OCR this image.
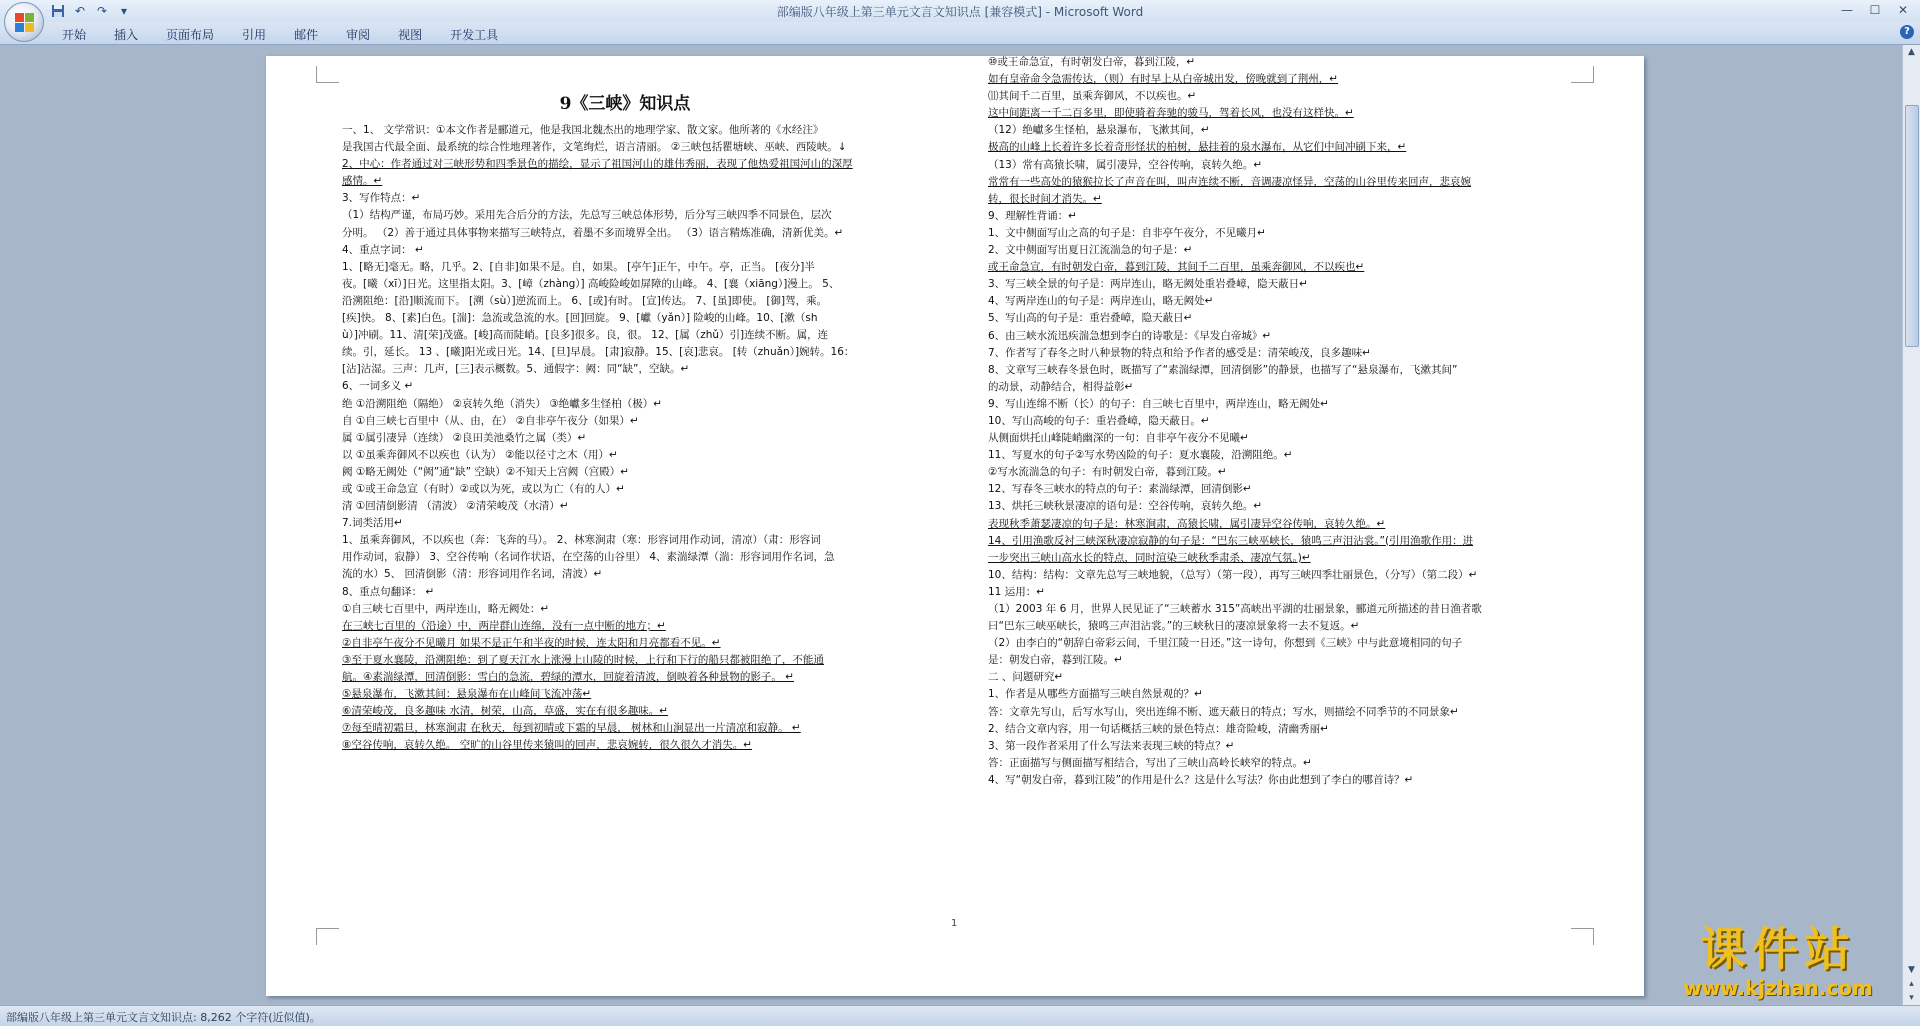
部编版八年级上第三单元文言文知识点 [兼容模式] - Microsoft Word	—	☐	✕
↶ ↷	▾
开始	插入	页面布局	引用	邮件	审阅	视图	开发工具	?
9《三峡》知识点
一、1、 文学常识：①本文作者是郦道元，他是我国北魏杰出的地理学家、散文家。他所著的《水经注》
是我国古代最全面、最系统的综合性地理著作，文笔绚烂，语言清丽。 ②三峡包括瞿塘峡、巫峡、西陵峡。↓
2、中心：作者通过对三峡形势和四季景色的描绘，显示了祖国河山的雄伟秀丽，表现了他热爱祖国河山的深厚
感情。↵
3、写作特点：↵
（1）结构严谨，布局巧妙。采用先合后分的方法，先总写三峡总体形势，后分写三峡四季不同景色，层次
分明。 （2）善于通过具体事物来描写三峡特点，着墨不多而境界全出。 （3）语言精炼准确，清新优美。↵
4、重点字词： ↵
1、[略无]毫无。略，几乎。2、[自非]如果不是。自，如果。 [亭午]正午，中午。亭，正当。 [夜分]半
夜。[曦（xī）]日光。这里指太阳。3、[嶂（zhàng）] 高峻险峻如屏障的山峰。 4、[襄（xiāng）]漫上。 5、
沿溯阻绝：[沿]顺流而下。 [溯（sù）]逆流而上。 6、[或]有时。 [宣]传达。 7、[虽]即使。 [御]驾，乘。
[疾]快。 8、[素]白色。[湍]：急流或急流的水。[回]回旋。 9、[巘（yǎn）] 险峻的山峰。10、[漱（sh
ù）]冲刷。11、清[荣]茂盛。[峻]高而陡峭。[良多]很多。良，很。 12、[属（zhǔ）引]连续不断。属，连
续。引，延长。 13 、[曦]阳光或日光。14、[旦]早晨。 [肃]寂静。15、[哀]悲哀。 [转（zhuǎn）]婉转。16：
[沾]沾湿。三声：几声，[三]表示概数。5、通假字：阙：同“缺”，空缺。↵
6、一词多义 ↵
绝 ①沿溯阻绝（隔绝） ②哀转久绝（消失） ③绝巘多生怪柏（极）↵
自 ①自三峡七百里中（从、由，在） ②自非亭午夜分（如果）↵
属 ①属引凄异（连续） ②良田美池桑竹之属（类）↵
以 ①虽乘奔御风不以疾也（认为） ②能以径寸之木（用）↵
阙 ①略无阙处（“阙”通“缺” 空缺）②不知天上宫阙（宫殿）↵
或 ①或王命急宣（有时）②或以为死，或以为亡（有的人）↵
清 ①回清倒影清 （清波） ②清荣峻茂（水清）↵
7.词类活用↵
1、虽乘奔御风，不以疾也（奔：飞奔的马）。 2、林寒涧肃（寒：形容词用作动词，清凉）（肃：形容词
用作动词，寂静） 3、空谷传响（名词作状语，在空荡的山谷里） 4、素湍绿潭（湍：形容词用作名词，急
流的水）5、 回清倒影（清：形容词用作名词，清波）↵
8、重点句翻译： ↵
①自三峡七百里中，两岸连山，略无阙处：↵
在三峡七百里的（沿途）中，两岸群山连绵，没有一点中断的地方；↵
②自非亭午夜分不见曦月 如果不是正午和半夜的时候，连太阳和月亮都看不见。↵
③至于夏水襄陵，沿溯阻绝：到了夏天江水上涨漫上山陵的时候，上行和下行的船只都被阻绝了，不能通
航。④素湍绿潭，回清倒影：雪白的急流，碧绿的潭水，回旋着清波，倒映着各种景物的影子。 ↵
⑤悬泉瀑布，飞漱其间：悬泉瀑布在山峰间飞流冲荡↵
⑥清荣峻茂，良多趣味 水清，树荣，山高，草盛，实在有很多趣味。↵
⑦每至晴初霜旦，林寒涧肃 在秋天，每到初晴或下霜的早晨， 树林和山涧显出一片清凉和寂静。 ↵
⑧空谷传响，哀转久绝。 空旷的山谷里传来猿叫的回声，悲哀婉转，很久很久才消失。↵
⑩或王命急宣，有时朝发白帝，暮到江陵，↵
如有皇帝命令急需传达，（则）有时早上从白帝城出发，傍晚就到了荆州，↵
⑾其间千二百里，虽乘奔御风，不以疾也。↵
这中间距离一千二百多里，即使骑着奔驰的骏马，驾着长风，也没有这样快。↵
（12）绝巘多生怪柏，悬泉瀑布，飞漱其间，↵
极高的山峰上长着许多长着奇形怪状的柏树，悬挂着的泉水瀑布，从它们中间冲刷下来，↵
（13）常有高猿长啸，属引凄异，空谷传响，哀转久绝。↵
常常有一些高处的猿猴拉长了声音在叫，叫声连续不断，音调凄凉怪异，空荡的山谷里传来回声，悲哀婉
转，很长时间才消失。↵
9、理解性背诵：↵
1、文中侧面写山之高的句子是：自非亭午夜分，不见曦月↵
2、文中侧面写出夏日江流湍急的句子是：↵
或王命急宣，有时朝发白帝，暮到江陵，其间千二百里，虽乘奔御风，不以疾也↵
3、写三峡全景的句子是：两岸连山，略无阙处重岩叠嶂，隐天蔽日↵
4、写两岸连山的句子是：两岸连山，略无阙处↵
5、写山高的句子是：重岩叠嶂，隐天蔽日↵
6、由三峡水流迅疾湍急想到李白的诗歌是：《早发白帝城》↵
7、作者写了春冬之时八种景物的特点和给予作者的感受是：清荣峻茂，良多趣味↵
8、文章写三峡春冬景色时，既描写了“素湍绿潭，回清倒影”的静景，也描写了“悬泉瀑布，飞漱其间”
的动景，动静结合，相得益彰↵
9、写山连绵不断（长）的句子：自三峡七百里中，两岸连山，略无阙处↵
10、写山高峻的句子：重岩叠嶂，隐天蔽日。↵
从侧面烘托山峰陡峭幽深的一句：自非亭午夜分不见曦↵
11、写夏水的句子②写水势凶险的句子：夏水襄陵，沿溯阻绝。↵
②写水流湍急的句子：有时朝发白帝，暮到江陵。↵
12、写春冬三峡水的特点的句子：素湍绿潭，回清倒影↵
13、烘托三峡秋景凄凉的语句是：空谷传响，哀转久绝。↵
表现秋季萧瑟凄凉的句子是：林寒涧肃，高猿长啸，属引凄异空谷传响，哀转久绝。↵
14、引用渔歌反衬三峡深秋凄凉寂静的句子是：“巴东三峡巫峡长，猿鸣三声泪沾裳。”(引用渔歌作用：进
一步突出三峡山高水长的特点，同时渲染三峡秋季肃杀、凄凉气氛。)↵
10、结构：结构：文章先总写三峡地貌，（总写）（第一段），再写三峡四季壮丽景色，（分写）（第二段）↵
11 运用：↵
（1）2003 年 6 月，世界人民见证了“三峡蓄水 315”高峡出平湖的壮丽景象，郦道元所描述的昔日渔者歌
曰“巴东三峡巫峡长，猿鸣三声泪沾裳。”的三峡秋日的凄凉景象将一去不复返。↵
（2）由李白的“朝辞白帝彩云间，千里江陵一日还。”这一诗句，你想到《三峡》中与此意境相同的句子
是：朝发白帝，暮到江陵。↵
二 、问题研究↵
1、作者是从哪些方面描写三峡自然景观的？↵
答：文章先写山，后写水写山，突出连绵不断、遮天蔽日的特点；写水，则描绘不同季节的不同景象↵
2、结合文章内容，用一句话概括三峡的景色特点：雄奇险峻，清幽秀丽↵
3、第一段作者采用了什么写法来表现三峡的特点？↵
答：正面描写与侧面描写相结合，写出了三峡山高岭长峡窄的特点。↵
4、写“朝发白帝，暮到江陵”的作用是什么？这是什么写法？你由此想到了李白的哪首诗？↵
1
▲
▼
▴
▾
课件站
www.kjzhan.com
部编版八年级上第三单元文言文知识点: 8,262 个字符(近似值)。
